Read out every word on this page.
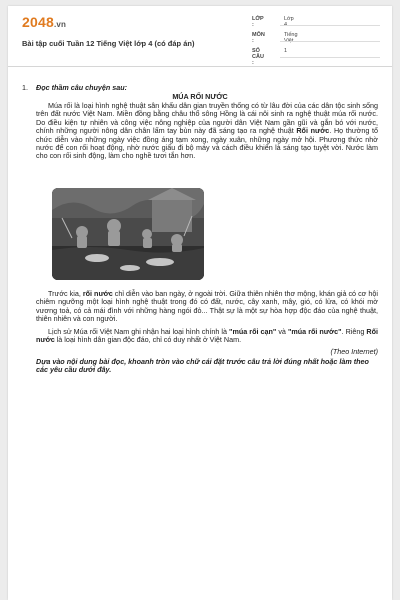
2048.vn
Bài tập cuối Tuần 12 Tiếng Việt lớp 4 (có đáp án)
LỚP :
Lớp 4
MÔN :
Tiếng Việt
SỐ CÂU :
1
1. Đọc thầm câu chuyện sau:
MÚA RỐI NƯỚC
Múa rối là loại hình nghệ thuật sân khấu dân gian truyền thống có từ lâu đời của các dân tộc sinh sống trên đất nước Việt Nam. Miền đồng bằng châu thổ sông Hồng là cái nôi sinh ra nghệ thuật múa rối nước. Do điều kiện tự nhiên và công việc nông nghiệp của người dân Việt Nam gần gũi và gắn bó với nước, chính những người nông dân chân lấm tay bùn này đã sáng tạo ra nghệ thuật Rối nước. Họ thường tổ chức diễn vào những ngày việc đồng áng tạm xong, ngày xuân, những ngày mở hội. Phương thức nhờ nước để con rối hoạt động, nhờ nước giấu đi bộ máy và cách điều khiển là sáng tạo tuyệt vời. Nước làm cho con rối sinh động, làm cho nghề tươi tắn hơn.
Trước kia, rối nước chỉ diễn vào ban ngày, ở ngoài trời. Giữa thiên nhiên thơ mộng, khán giả có cơ hội chiêm ngưỡng một loại hình nghệ thuật trong đó có đất, nước, cây xanh, mây, gió, có lửa, có khói mờ vương toả, có cả mái đình với những hàng ngói đỏ... Thật sự là một sự hòa hợp độc đáo của nghệ thuật, thiên nhiên và con người.
Lịch sử Múa rối Việt Nam ghi nhận hai loại hình chính là "múa rối cạn" và "múa rối nước". Riêng Rối nước là loại hình dân gian độc đáo, chỉ có duy nhất ở Việt Nam.
(Theo Internet)
Dựa vào nội dung bài đọc, khoanh tròn vào chữ cái đặt trước câu trả lời đúng nhất hoặc làm theo các yêu cầu dưới đây.
